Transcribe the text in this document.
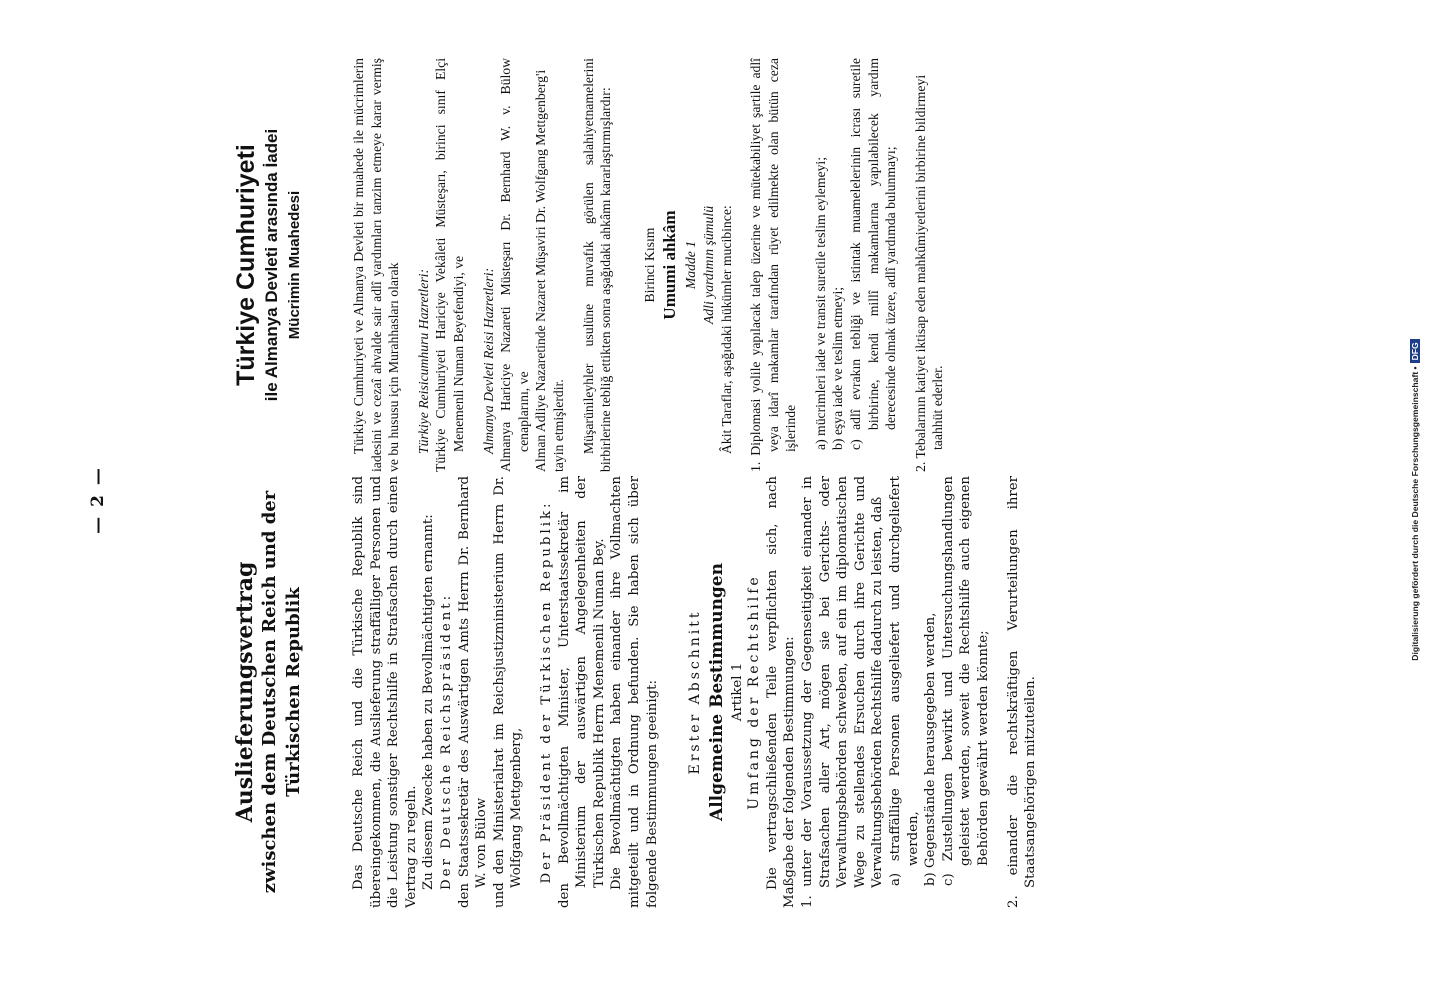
— 2 —

Auslieferungsvertrag zwischen dem Deutschen Reich und der Türkischen Republik	Das Deutsche Reich und die Türkische Republik sind übereingekommen, die Auslieferung straffälliger Personen und die Leistung sonstiger Rechtshilfe in Strafsachen durch einen Vertrag zu regeln. Zu diesem Zwecke haben zu Bevollmächtigten ernannt: Der Deutsche Reichspräsident: den Staatssekretär des Auswärtigen Amts Herrn Dr. Bernhard W. von Bülow und den Ministerialrat im Reichsjustizministerium Herrn Dr. Wolfgang Mettgenberg, Der Präsident der Türkischen Republik: den Bevollmächtigten Minister, Unterstaatssekretär im Ministerium der auswärtigen Angelegenheiten der Türkischen Republik Herrn Menemenli Numan Bey. Die Bevollmächtigten haben einander ihre Vollmachten mitgeteilt und in Ordnung befunden. Sie haben sich über folgende Bestimmungen geeinigt: Erster Abschnitt Allgemeine Bestimmungen Artikel 1 Umfang der Rechtshilfe Die vertragschließenden Teile verpflichten sich, nach Maßgabe der folgenden Bestimmungen: 1. unter der Voraussetzung der Gegenseitigkeit einander in Strafsachen aller Art, mögen sie bei Gerichts- oder Verwaltungsbehörden schweben, auf ein im diplomatischen Wege zu stellendes Ersuchen durch ihre Gerichte und Verwaltungsbehörden Rechtshilfe dadurch zu leisten, daß a) straffällige Personen ausgeliefert und durchgeliefert werden, b) Gegenstände herausgegeben werden, c) Zustellungen bewirkt und Untersuchungshandlungen geleistet werden, soweit die Rechtshilfe auch eigenen Behörden gewährt werden könnte; 2. einander die rechtskräftigen Verurteilungen ihrer Staatsangehörigen mitzuteilen.

Türkiye Cumhuriyeti ile Almanya Devleti arasında İadei Mücrimin Muahedesi	Türkiye Cumhuriyeti ve Almanya Devleti bir muahede ile mücrimlerin iadesini ve cezaî ahvalde sair adlî yardımları tanzim etmeye karar vermiş ve bu hususu için Murahhasları olarak Türkiye Reisicumhuru Hazretleri: Türkiye Cumhuriyeti Hariciye Vekâleti Müsteşarı, birinci sınıf Elçi Menemenli Numan Beyefendiyi, ve Almanya Devleti Reisi Hazretleri: Almanya Hariciye Nazareti Müsteşarı Dr. Bernhard W. v. Bülow cenaplarını, ve Alman Adliye Nazaretinde Nazaret Müşaviri Dr. Wolfgang Mettgenberg'i tayin etmişlerdir. Müşarünileyhler usulüne muvafık görülen salahiyetnamelerini birbirlerine tebliğ ettikten sonra aşağıdaki ahkâmı kararlaştırmışlardır: Birinci Kısım Umumi ahkâm Madde 1 Adli yardımın şümulü Âkit Taraflar, aşağıdaki hükümler mucibince: 1. Diplomasi yolile yapılacak talep üzerine ve mütekabiliyet şartile adlî veya idarî makamlar tarafından rüyet edilmekte olan bütün ceza işlerinde a) mücrimleri iade ve transit suretile teslim eylemeyi; b) eşya iade ve teslim etmeyi; c) adlî evrakın tebliği ve istintak muamelelerinin icrası suretile birbirine, kendi millî makamlarına yapılabilecek yardım derecesinde olmak üzere, adlî yardımda bulunmayı; 2. Tebalarının katiyet iktisap eden mahkûmiyetlerini birbirine bildirmeyi taahhüt ederler.	Digitalisierung gefördert durch die Deutsche Forschungsgemeinschaft •DFG
